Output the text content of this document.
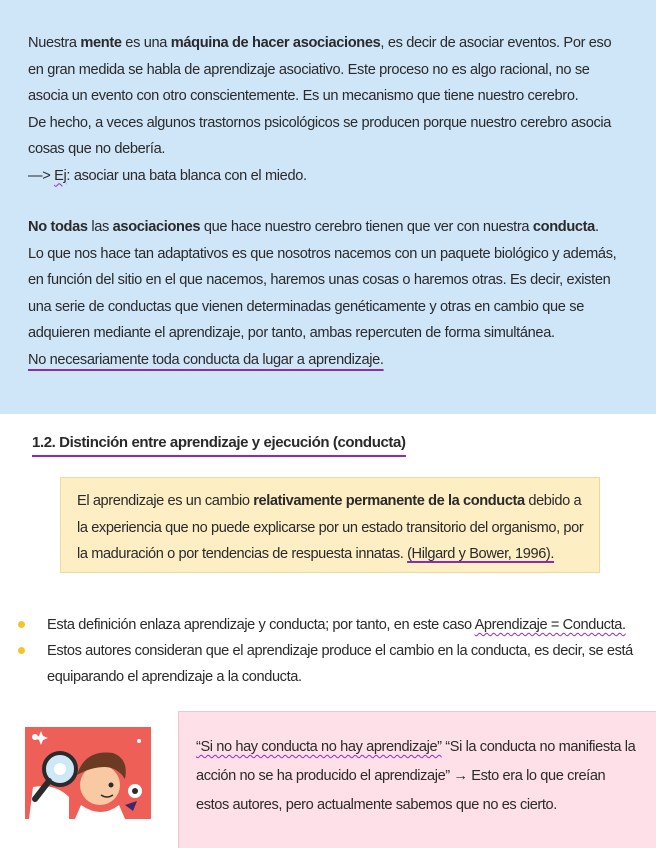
Nuestra mente es una máquina de hacer asociaciones, es decir de asociar eventos. Por eso
en gran medida se habla de aprendizaje asociativo. Este proceso no es algo racional, no se
asocia un evento con otro conscientemente. Es un mecanismo que tiene nuestro cerebro.
De hecho, a veces algunos trastornos psicológicos se producen porque nuestro cerebro asocia
cosas que no debería.
—> Ej: asociar una bata blanca con el miedo.
No todas las asociaciones que hace nuestro cerebro tienen que ver con nuestra conducta.
Lo que nos hace tan adaptativos es que nosotros nacemos con un paquete biológico y además,
en función del sitio en el que nacemos, haremos unas cosas o haremos otras. Es decir, existen
una serie de conductas que vienen determinadas genéticamente y otras en cambio que se
adquieren mediante el aprendizaje, por tanto, ambas repercuten de forma simultánea.
No necesariamente toda conducta da lugar a aprendizaje.
1.2. Distinción entre aprendizaje y ejecución (conducta)
El aprendizaje es un cambio relativamente permanente de la conducta debido a la experiencia que no puede explicarse por un estado transitorio del organismo, por la maduración o por tendencias de respuesta innatas. (Hilgard y Bower, 1996).
Esta definición enlaza aprendizaje y conducta; por tanto, en este caso Aprendizaje = Conducta.
Estos autores consideran que el aprendizaje produce el cambio en la conducta, es decir, se está equiparando el aprendizaje a la conducta.
“Si no hay conducta no hay aprendizaje” “Si la conducta no manifiesta la acción no se ha producido el aprendizaje” → Esto era lo que creían estos autores, pero actualmente sabemos que no es cierto.
